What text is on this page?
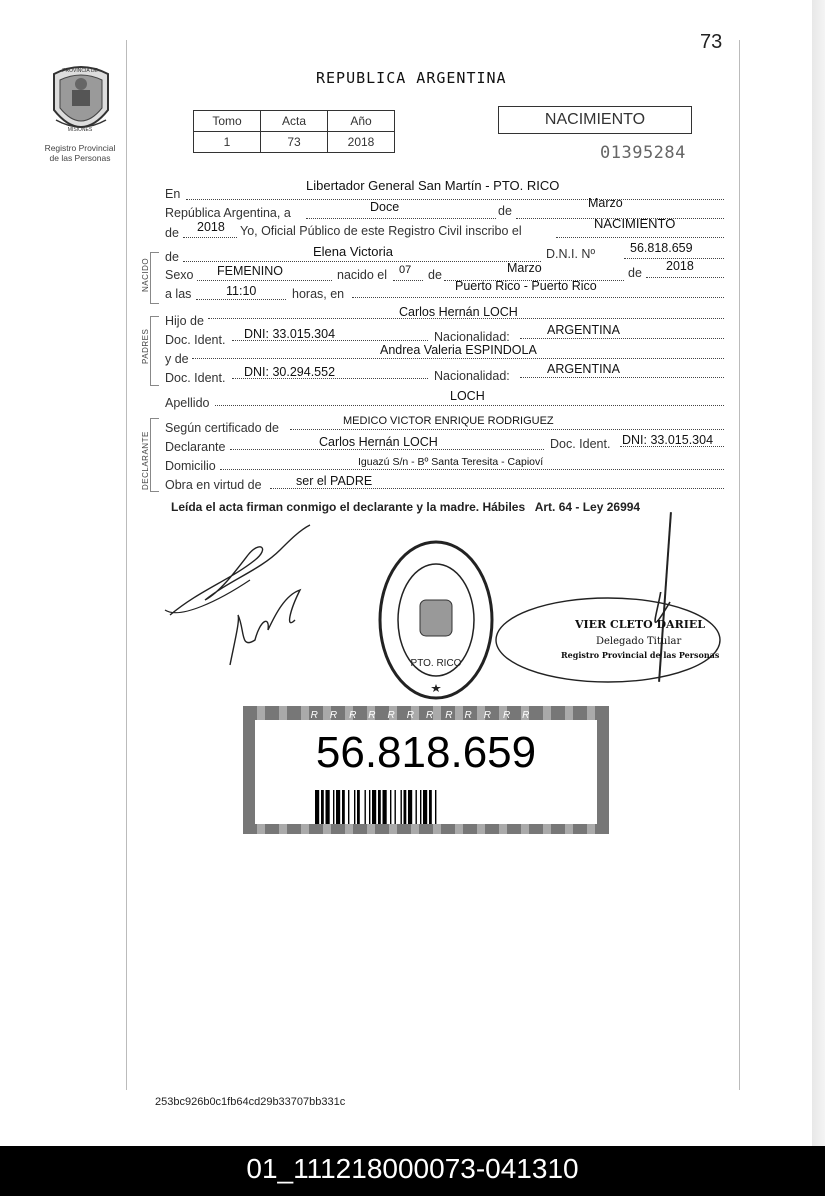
73
PROVINCIA DE
MISIONES
Registro Provincial
de las Personas
REPUBLICA ARGENTINA
NACIMIENTO
01395284
Tomo	Acta	Año
1	73	2018
NACIDO
PADRES
DECLARANTE
En
Libertador General San Martín - PTO. RICO
República Argentina, a	Doce	de
Marzo
de 2018 Yo, Oficial Público de este Registro Civil inscribo el	NACIMIENTO
de	Elena Victoria	D.N.I. Nº	56.818.659
Sexo FEMENINO	nacido el 07 de	Marzo	de 2018
a las	11:10	horas, en
Puerto Rico - Puerto Rico
Hijo de
Carlos Hernán LOCH
Doc. Ident. DNI: 33.015.304	Nacionalidad:	ARGENTINA
y de
Andrea Valeria ESPINDOLA
Doc. Ident. DNI: 30.294.552	Nacionalidad:	ARGENTINA
Apellido	LOCH
Según certificado de	MEDICO VICTOR ENRIQUE RODRIGUEZ
Declarante	Carlos Hernán LOCH	Doc. Ident. DNI: 33.015.304
Domicilio	Iguazú S/n - Bº Santa Teresita - Capioví
Obra en virtud de	ser el PADRE
Leída el acta firman conmigo el declarante y la madre. Hábiles   Art. 64 - Ley 26994
PTO. RICO
VIER CLETO DARIEL
Delegado Titular
Registro Provincial de las Personas
RRRRRRRRRRRR
56.818.659
253bc926b0c1fb64cd29b33707bb331c
01_111218000073-041310
